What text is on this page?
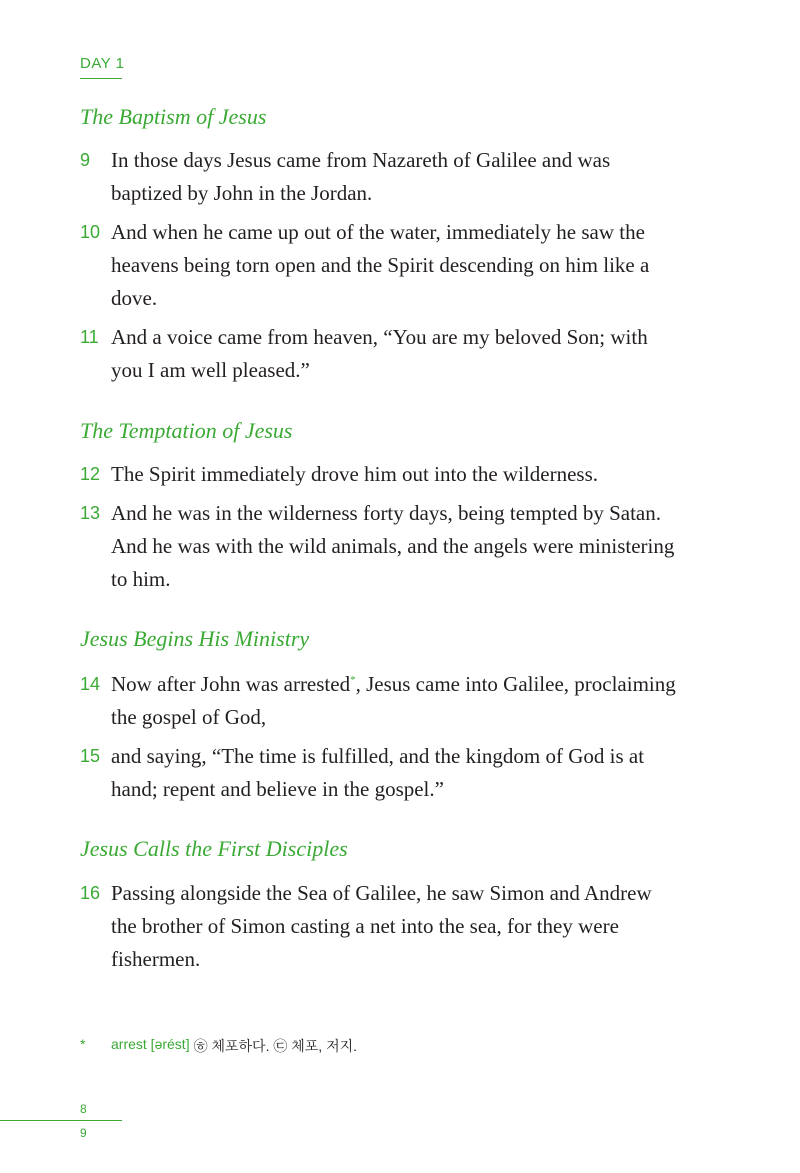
DAY 1
The Baptism of Jesus
9 In those days Jesus came from Nazareth of Galilee and was baptized by John in the Jordan.
10 And when he came up out of the water, immediately he saw the heavens being torn open and the Spirit descending on him like a dove.
11 And a voice came from heaven, “You are my beloved Son; with you I am well pleased.”
The Temptation of Jesus
12 The Spirit immediately drove him out into the wilderness.
13 And he was in the wilderness forty days, being tempted by Satan. And he was with the wild animals, and the angels were ministering to him.
Jesus Begins His Ministry
14 Now after John was arrested*, Jesus came into Galilee, proclaiming the gospel of God,
15 and saying, “The time is fulfilled, and the kingdom of God is at hand; repent and believe in the gospel.”
Jesus Calls the First Disciples
16 Passing alongside the Sea of Galilee, he saw Simon and Andrew the brother of Simon casting a net into the sea, for they were fishermen.
*	arrest [ərést] ㉭ 체포하다. ㉢ 체포, 저지.
8
9
